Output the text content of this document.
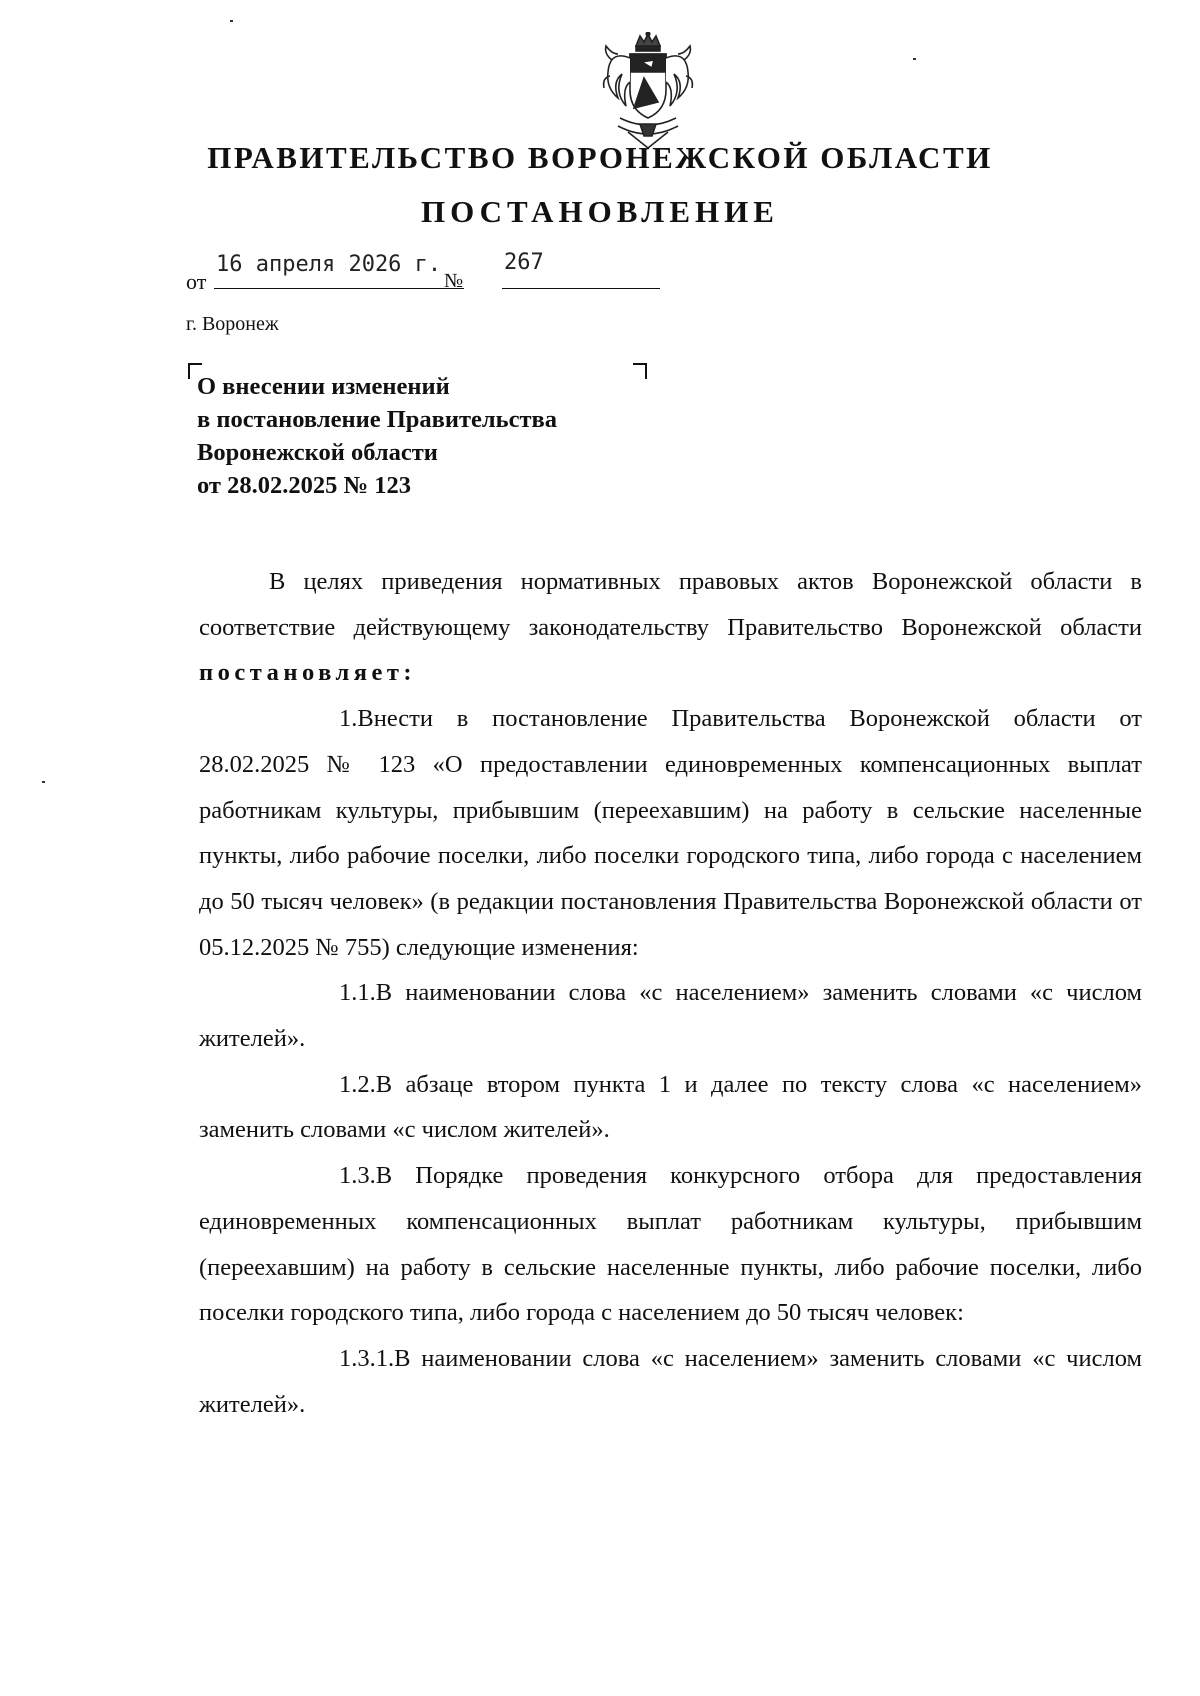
ПРАВИТЕЛЬСТВО ВОРОНЕЖСКОЙ ОБЛАСТИ
ПОСТАНОВЛЕНИЕ
от
16 апреля 2026 г.
№
267
г. Воронеж
О внесении изменений
в постановление Правительства
Воронежской области
от 28.02.2025 № 123

В целях приведения нормативных правовых актов Воронежской области в соответствие действующему законодательству Правительство Воронежской области постановляет:

1.Внести в постановление Правительства Воронежской области от 28.02.2025 № 123 «О предоставлении единовременных компенсационных выплат работникам культуры, прибывшим (переехавшим) на работу в сельские населенные пункты, либо рабочие поселки, либо поселки городского типа, либо города с населением до 50 тысяч человек» (в редакции постановления Правительства Воронежской области от 05.12.2025 № 755) следующие изменения:

1.1.В наименовании слова «с населением» заменить словами «с числом жителей».

1.2.В абзаце втором пункта 1 и далее по тексту слова «с населением» заменить словами «с числом жителей».

1.3.В Порядке проведения конкурсного отбора для предоставления единовременных компенсационных выплат работникам культуры, прибывшим (переехавшим) на работу в сельские населенные пункты, либо рабочие поселки, либо поселки городского типа, либо города с населением до 50 тысяч человек:

1.3.1.В наименовании слова «с населением» заменить словами «с числом жителей».
